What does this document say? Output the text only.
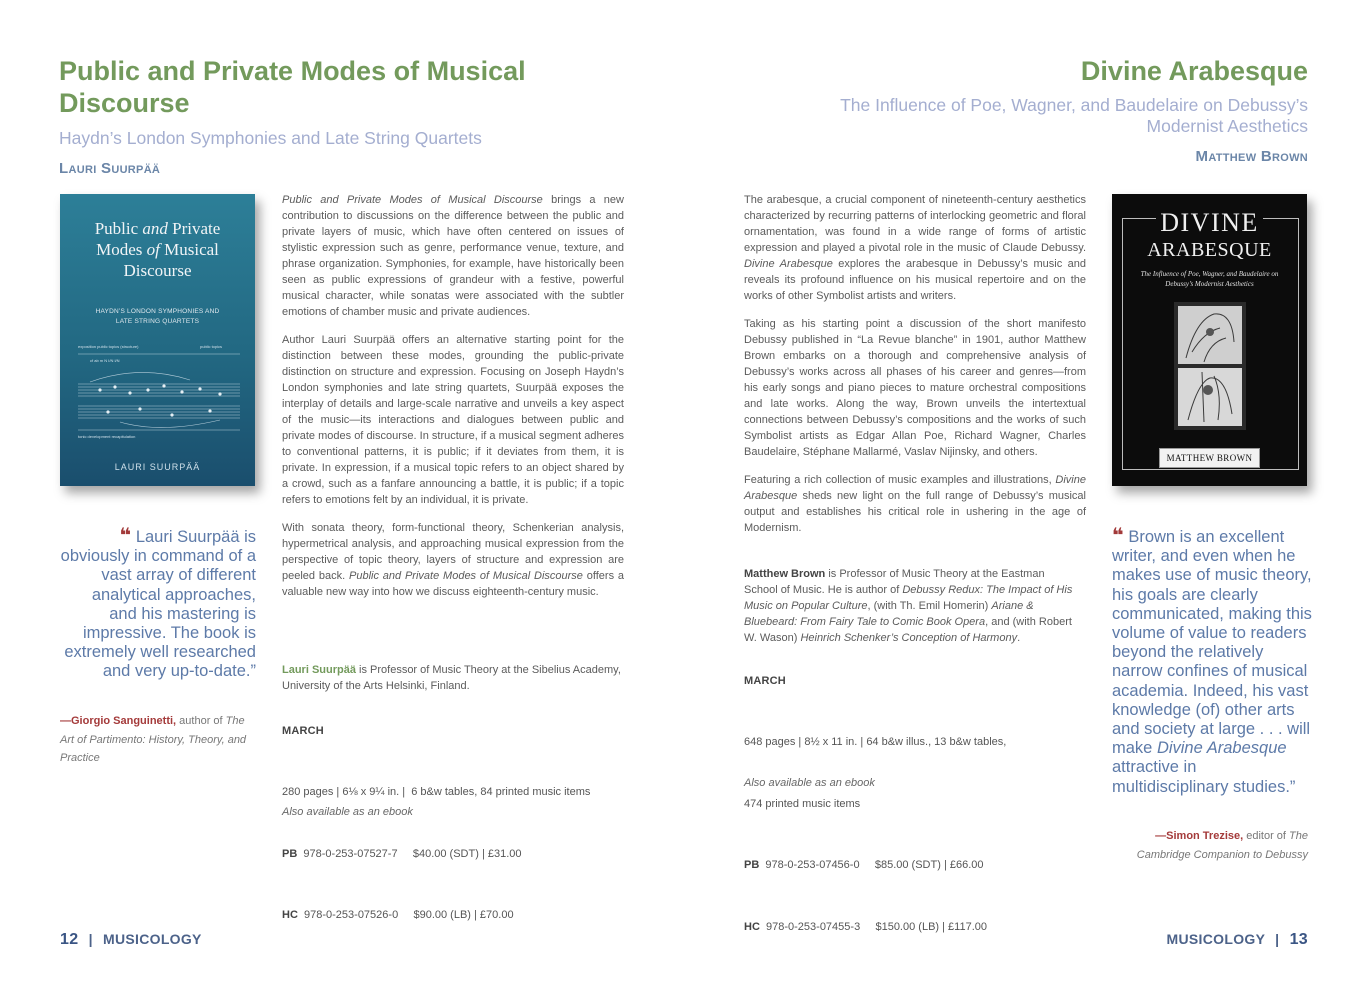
Public and Private Modes of Musical Discourse
Haydn’s London Symphonies and Late String Quartets
Lauri Suurpää
Public and Private
Modes of Musical
Discourse
HAYDN’S LONDON SYMPHONIES AND
LATE STRING QUARTETS
exposition public topics (structure)	public topics
cf ab m N I/N I/N
tonic development recapitulation
LAURI SUURPÄÄ
❝ Lauri Suurpää is obviously in command of a vast array of different analytical approaches, and his mastering is impressive. The book is extremely well researched and very up-to-date.”
—Giorgio Sanguinetti, author of The Art of Partimento: History, Theory, and Practice

Public and Private Modes of Musical Discourse brings a new contribution to discussions on the difference between the public and private layers of music, which have often centered on issues of stylistic expression such as genre, performance venue, texture, and phrase organization. Symphonies, for example, have historically been seen as public expressions of grandeur with a festive, powerful musical character, while sonatas were associated with the subtler emotions of chamber music and private audiences.

Author Lauri Suurpää offers an alternative starting point for the distinction between these modes, grounding the public-private distinction on structure and expression. Focusing on Joseph Haydn’s London symphonies and late string quartets, Suurpää exposes the interplay of details and large-scale narrative and unveils a key aspect of the music—its interactions and dialogues between public and private modes of discourse. In structure, if a musical segment adheres to conventional patterns, it is public; if it deviates from them, it is private. In expression, if a musical topic refers to an object shared by a crowd, such as a fanfare announcing a battle, it is public; if a topic refers to emotions felt by an individual, it is private.

With sonata theory, form-functional theory, Schenkerian analysis, hypermetrical analysis, and approaching musical expression from the perspective of topic theory, layers of structure and expression are peeled back. Public and Private Modes of Musical Discourse offers a valuable new way into how we discuss eighteenth-century music.

Lauri Suurpää is Professor of Music Theory at the Sibelius Academy, University of the Arts Helsinki, Finland.
MARCH

280 pages | 6⅛ x 9¼ in. |  6 b&w tables, 84 printed music items

PB  978-0-253-07527-7     $40.00 (SDT) | £31.00

HC  978-0-253-07526-0     $90.00 (LB) | £70.00

Also available as an ebook
12 | MUSICOLOGY
Divine Arabesque
The Influence of Poe, Wagner, and Baudelaire on Debussy’s
Modernist Aesthetics
Matthew Brown

The arabesque, a crucial component of nineteenth-century aesthetics characterized by recurring patterns of interlocking geometric and floral ornamentation, was found in a wide range of forms of artistic expression and played a pivotal role in the music of Claude Debussy. Divine Arabesque explores the arabesque in Debussy’s music and reveals its profound influence on his musical repertoire and on the works of other Symbolist artists and writers.

Taking as his starting point a discussion of the short manifesto Debussy published in “La Revue blanche” in 1901, author Matthew Brown embarks on a thorough and comprehensive analysis of Debussy’s works across all phases of his career and genres—from his early songs and piano pieces to mature orchestral compositions and late works. Along the way, Brown unveils the intertextual connections between Debussy’s compositions and the works of such Symbolist artists as Edgar Allan Poe, Richard Wagner, Charles Baudelaire, Stéphane Mallarmé, Vaslav Nijinsky, and others.

Featuring a rich collection of music examples and illustrations, Divine Arabesque sheds new light on the full range of Debussy’s musical output and establishes his critical role in ushering in the age of Modernism.

Matthew Brown is Professor of Music Theory at the Eastman School of Music. He is author of Debussy Redux: The Impact of His Music on Popular Culture, (with Th. Emil Homerin) Ariane & Bluebeard: From Fairy Tale to Comic Book Opera, and (with Robert W. Wason) Heinrich Schenker’s Conception of Harmony.
MARCH

648 pages | 8½ x 11 in. | 64 b&w illus., 13 b&w tables,

474 printed music items

PB  978-0-253-07456-0     $85.00 (SDT) | £66.00

HC  978-0-253-07455-3     $150.00 (LB) | £117.00

Also available as an ebook
DIVINE
ARABESQUE
The Influence of Poe, Wagner, and Baudelaire on
Debussy’s Modernist Aesthetics
MATTHEW BROWN
❝ Brown is an excellent writer, and even when he makes use of music theory, his goals are clearly communicated, making this volume of value to readers beyond the relatively narrow confines of musical academia. Indeed, his vast knowledge (of) other arts and society at large . . . will make Divine Arabesque attractive in multidisciplinary studies.”
—Simon Trezise, editor of The
Cambridge Companion to Debussy
MUSICOLOGY | 13
